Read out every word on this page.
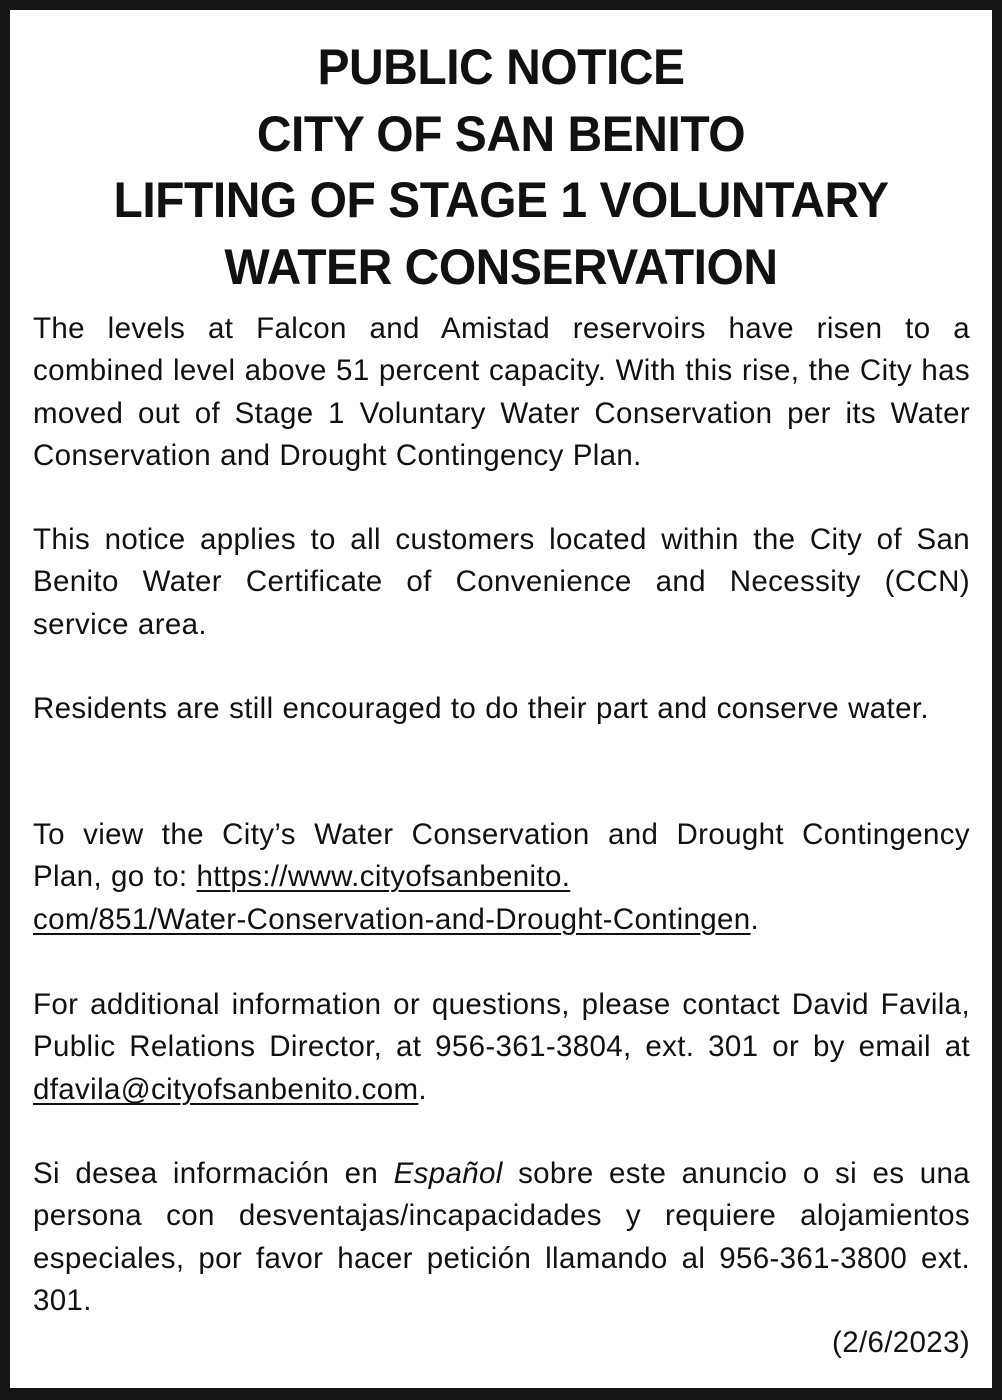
PUBLIC NOTICE
CITY OF SAN BENITO
LIFTING OF STAGE 1 VOLUNTARY
WATER CONSERVATION

The levels at Falcon and Amistad reservoirs have risen to a combined level above 51 percent capacity. With this rise, the City has moved out of Stage 1 Voluntary Water Conservation per its Water Conservation and Drought Contingency Plan.

This notice applies to all customers located within the City of San Benito Water Certificate of Convenience and Necessity (CCN) service area.

Residents are still encouraged to do their part and conserve water.

To view the City’s Water Conservation and Drought Contingency Plan, go to: https://www.cityofsanbenito.
com/851/Water-Conservation-and-Drought-Contingen.

For additional information or questions, please contact David Favila, Public Relations Director, at 956-361-3804, ext. 301 or by email at dfavila@cityofsanbenito.com.

Si desea información en Español sobre este anuncio o si es una persona con desventajas/incapacidades y requiere alojamientos especiales, por favor hacer petición llamando al 956-361-3800 ext. 301.

(2/6/2023)
